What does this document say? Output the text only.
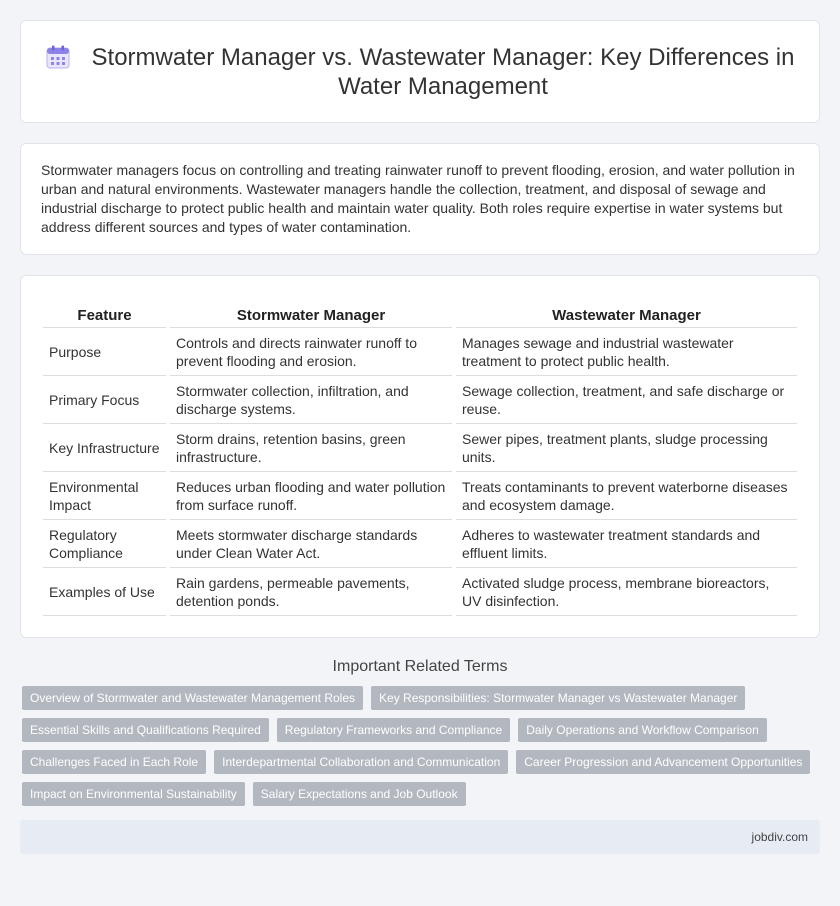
Stormwater Manager vs. Wastewater Manager: Key Differences in Water Management

Stormwater managers focus on controlling and treating rainwater runoff to prevent flooding, erosion, and water pollution in urban and natural environments. Wastewater managers handle the collection, treatment, and disposal of sewage and industrial discharge to protect public health and maintain water quality. Both roles require expertise in water systems but address different sources and types of water contamination.

Feature	Stormwater Manager	Wastewater Manager
Purpose	Controls and directs rainwater runoff to prevent flooding and erosion.	Manages sewage and industrial wastewater treatment to protect public health.
Primary Focus	Stormwater collection, infiltration, and discharge systems.	Sewage collection, treatment, and safe discharge or reuse.
Key Infrastructure	Storm drains, retention basins, green infrastructure.	Sewer pipes, treatment plants, sludge processing units.
Environmental Impact	Reduces urban flooding and water pollution from surface runoff.	Treats contaminants to prevent waterborne diseases and ecosystem damage.
Regulatory Compliance	Meets stormwater discharge standards under Clean Water Act.	Adheres to wastewater treatment standards and effluent limits.
Examples of Use	Rain gardens, permeable pavements, detention ponds.	Activated sludge process, membrane bioreactors, UV disinfection.
Important Related Terms
Overview of Stormwater and Wastewater Management Roles	Key Responsibilities: Stormwater Manager vs Wastewater Manager
Essential Skills and Qualifications Required	Regulatory Frameworks and Compliance	Daily Operations and Workflow Comparison
Challenges Faced in Each Role	Interdepartmental Collaboration and Communication	Career Progression and Advancement Opportunities
Impact on Environmental Sustainability	Salary Expectations and Job Outlook
jobdiv.com
